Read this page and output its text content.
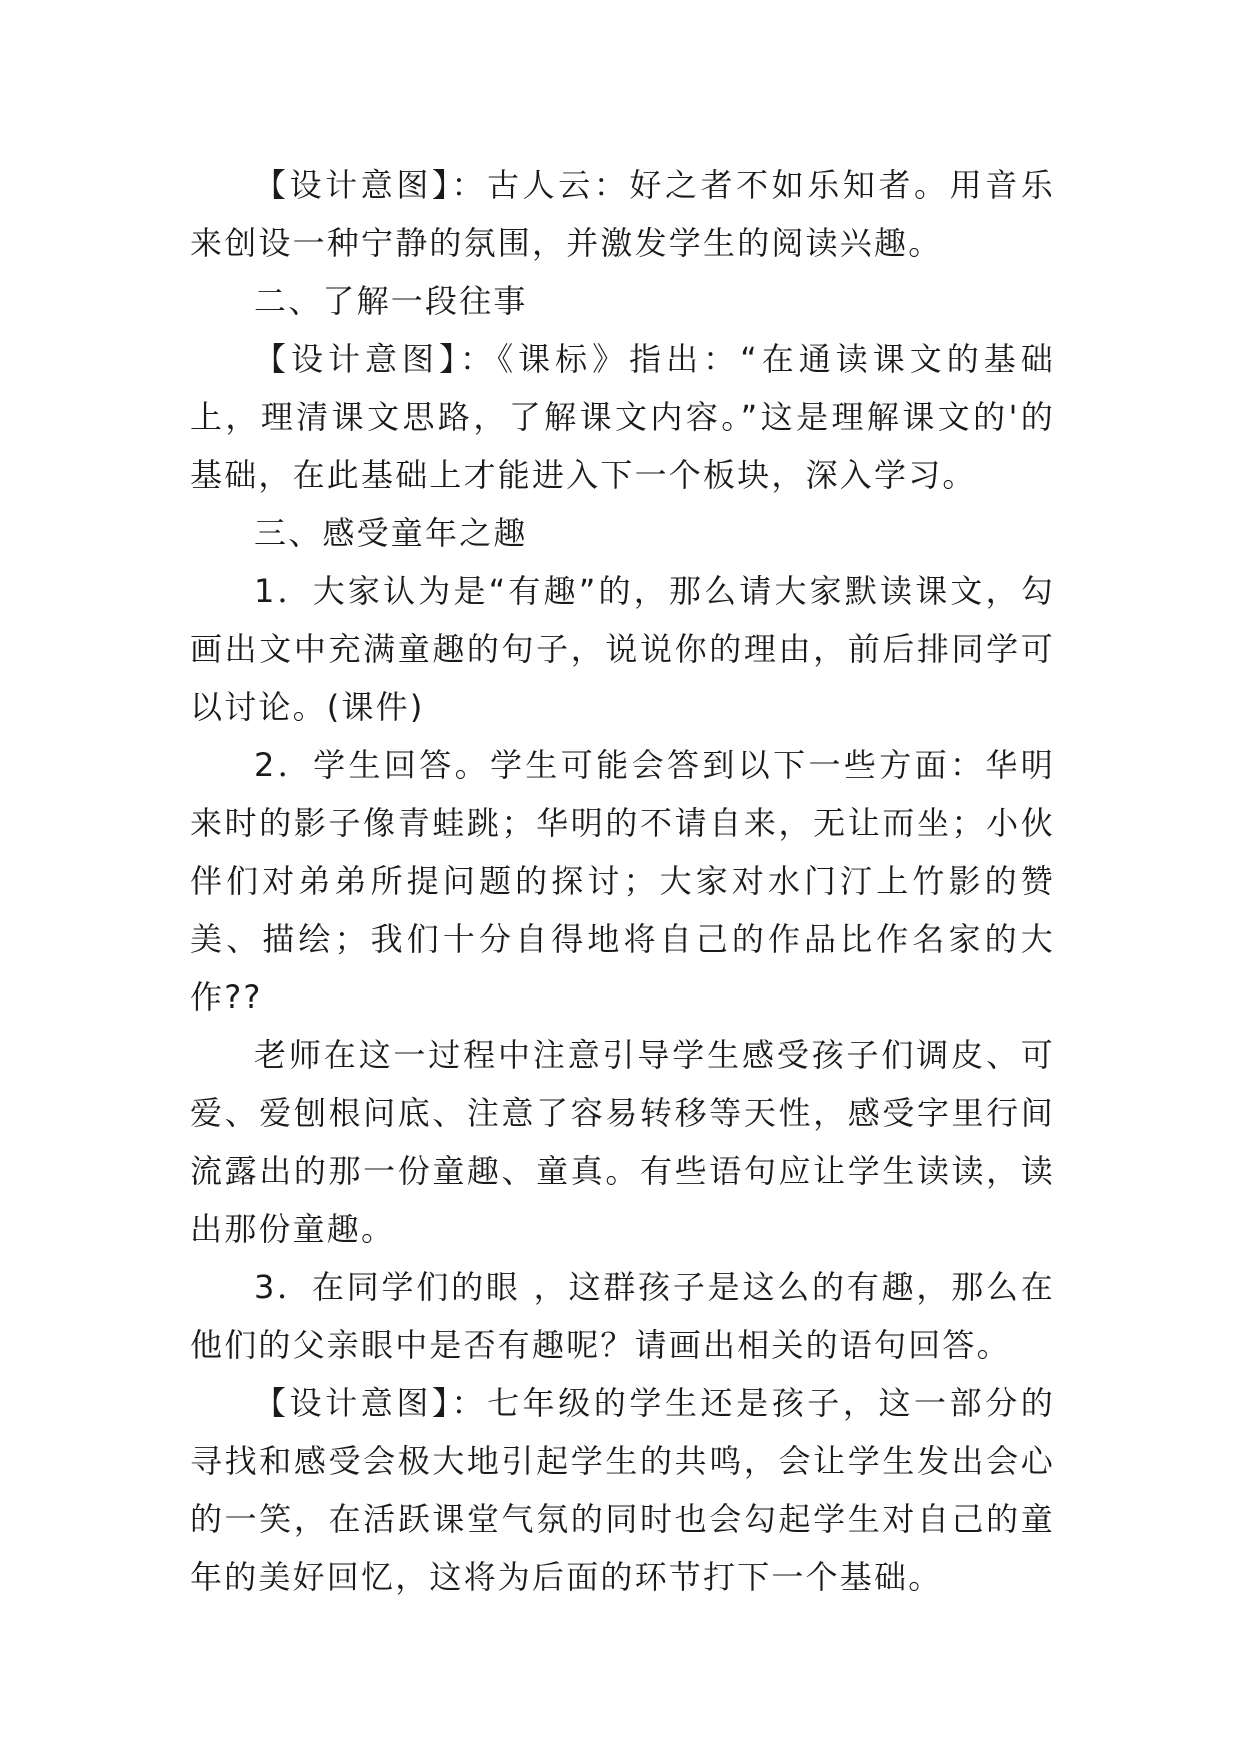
【设计意图】：古人云：好之者不如乐知者。用音乐来创设一种宁静的氛围，并激发学生的阅读兴趣。

二、了解一段往事

【设计意图】：《课标》指出：“在通读课文的基础上，理清课文思路，了解课文内容。”这是理解课文的'的基础，在此基础上才能进入下一个板块，深入学习。

三、感受童年之趣

1．大家认为是“有趣”的，那么请大家默读课文，勾画出文中充满童趣的句子，说说你的理由，前后排同学可以讨论。(课件)

2．学生回答。学生可能会答到以下一些方面：华明来时的影子像青蛙跳；华明的不请自来，无让而坐；小伙伴们对弟弟所提问题的探讨；大家对水门汀上竹影的赞美、描绘；我们十分自得地将自己的作品比作名家的大作??

老师在这一过程中注意引导学生感受孩子们调皮、可爱、爱刨根问底、注意了容易转移等天性，感受字里行间流露出的那一份童趣、童真。有些语句应让学生读读，读出那份童趣。

3．在同学们的眼 ，这群孩子是这么的有趣，那么在他们的父亲眼中是否有趣呢？请画出相关的语句回答。

【设计意图】：七年级的学生还是孩子，这一部分的寻找和感受会极大地引起学生的共鸣，会让学生发出会心的一笑，在活跃课堂气氛的同时也会勾起学生对自己的童年的美好回忆，这将为后面的环节打下一个基础。
